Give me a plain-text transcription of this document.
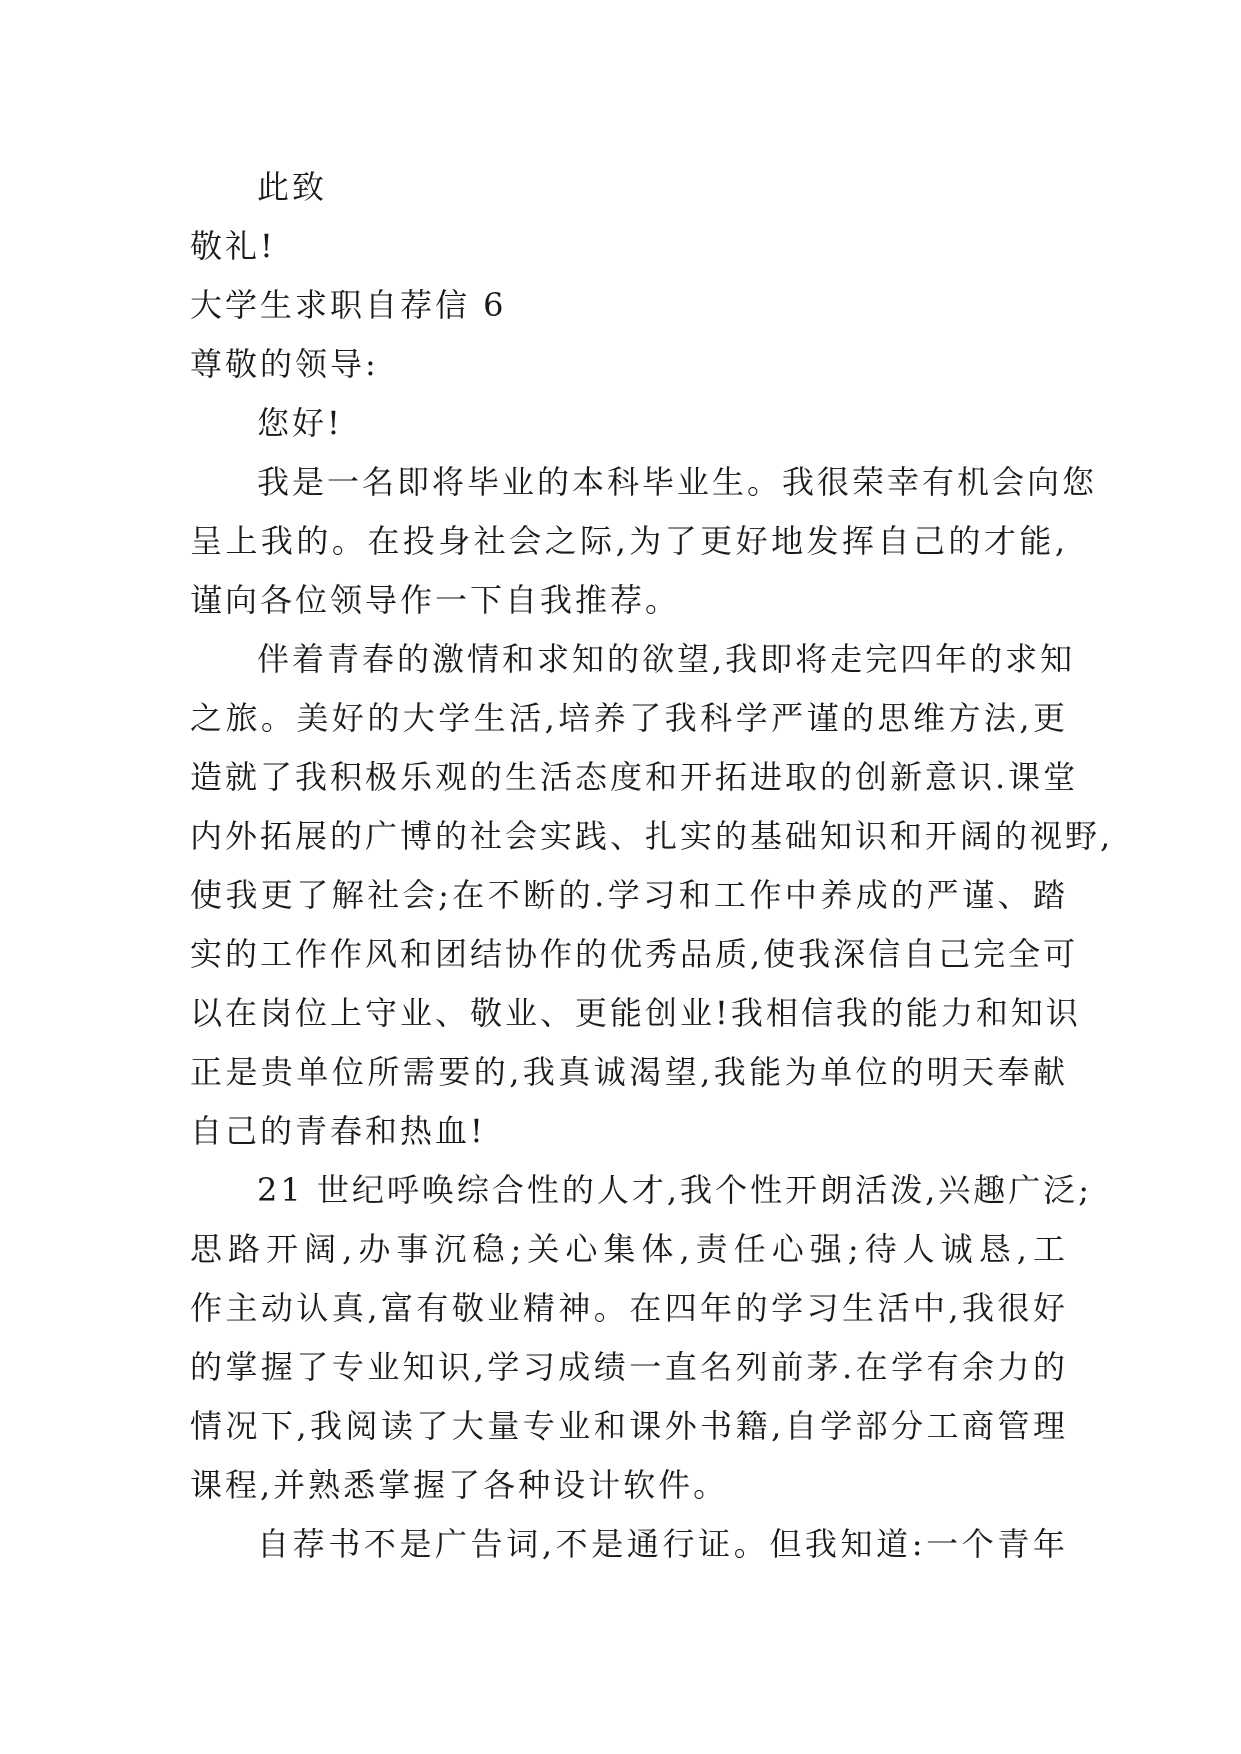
此致
敬礼!
大学生求职自荐信 6
尊敬的领导:
您好!
我是一名即将毕业的本科毕业生。我很荣幸有机会向您
呈上我的。在投身社会之际,为了更好地发挥自己的才能,
谨向各位领导作一下自我推荐。
伴着青春的激情和求知的欲望,我即将走完四年的求知
之旅。美好的大学生活,培养了我科学严谨的思维方法,更
造就了我积极乐观的生活态度和开拓进取的创新意识.课堂
内外拓展的广博的社会实践、扎实的基础知识和开阔的视野,
使我更了解社会;在不断的.学习和工作中养成的严谨、踏
实的工作作风和团结协作的优秀品质,使我深信自己完全可
以在岗位上守业、敬业、更能创业!我相信我的能力和知识
正是贵单位所需要的,我真诚渴望,我能为单位的明天奉献
自己的青春和热血!
21 世纪呼唤综合性的人才,我个性开朗活泼,兴趣广泛;
思路开阔,办事沉稳;关心集体,责任心强;待人诚恳,工
作主动认真,富有敬业精神。在四年的学习生活中,我很好
的掌握了专业知识,学习成绩一直名列前茅.在学有余力的
情况下,我阅读了大量专业和课外书籍,自学部分工商管理
课程,并熟悉掌握了各种设计软件。
自荐书不是广告词,不是通行证。但我知道:一个青年
